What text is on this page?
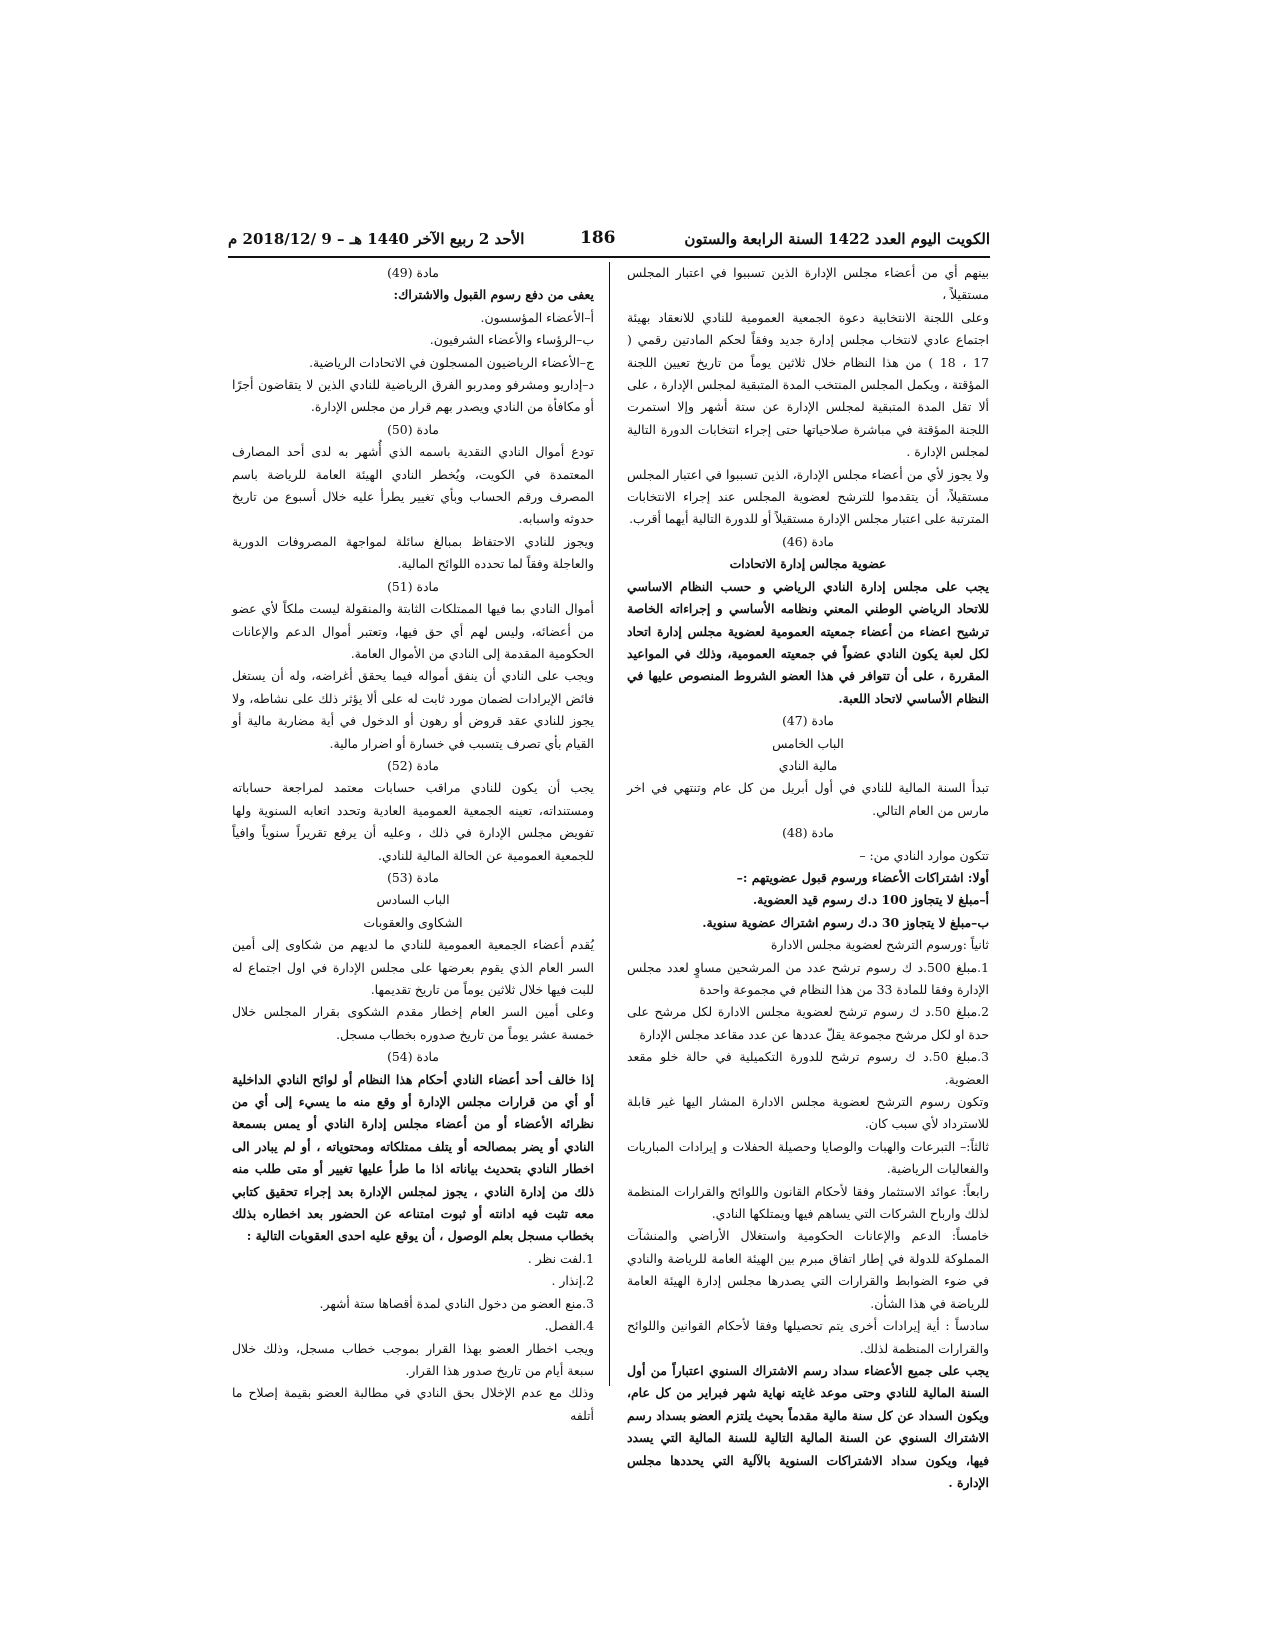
الكويت اليوم العدد 1422 السنة الرابعة والستون
186
الأحد 2 ربيع الآخر 1440 هـ – 9 /2018/12 م

بينهم أي من أعضاء مجلس الإدارة الذين تسببوا في اعتبار المجلس مستقيلاً ،

وعلى اللجنة الانتخابية دعوة الجمعية العمومية للنادي للانعقاد بهيئة اجتماع عادي لانتخاب مجلس إدارة جديد وفقاً لحكم المادتين رقمي ( 17 ، 18 ) من هذا النظام خلال ثلاثين يوماً من تاريخ تعيين اللجنة المؤقتة ، ويكمل المجلس المنتخب المدة المتبقية لمجلس الإدارة ، على ألا تقل المدة المتبقية لمجلس الإدارة عن ستة أشهر وإلا استمرت اللجنة المؤقتة في مباشرة صلاحياتها حتى إجراء انتخابات الدورة التالية لمجلس الإدارة .

ولا يجوز لأي من أعضاء مجلس الإدارة، الذين تسببوا في اعتبار المجلس مستقيلاً، أن يتقدموا للترشح لعضوية المجلس عند إجراء الانتخابات المترتبة على اعتبار مجلس الإدارة مستقيلاً أو للدورة التالية أيهما أقرب.

مادة (46)

عضوية مجالس إدارة الاتحادات

يجب على مجلس إدارة النادي الرياضي و حسب النظام الاساسي للاتحاد الرياضي الوطني المعني ونظامه الأساسي و إجراءاته الخاصة ترشيح اعضاء من أعضاء جمعيته العمومية لعضوية مجلس إدارة اتحاد لكل لعبة يكون النادي عضواً في جمعيته العمومية، وذلك في المواعيد المقررة ، على أن تتوافر في هذا العضو الشروط المنصوص عليها في النظام الأساسي لاتحاد اللعبة.

مادة (47)

الباب الخامس

مالية النادي

تبدأ السنة المالية للنادي في أول أبريل من كل عام وتنتهي في اخر مارس من العام التالي.

مادة (48)

تتكون موارد النادي من: –

أولا: اشتراكات الأعضاء ورسوم قبول عضويتهم :–

أ–مبلغ لا يتجاوز 100 د.ك رسوم قيد العضوية.

ب–مبلغ لا يتجاوز 30 د.ك رسوم اشتراك عضوية سنوية.

ثانياً :ورسوم الترشح لعضوية مجلس الادارة

1.مبلغ 500.د ك رسوم ترشح عدد من المرشحين مساوٍ لعدد مجلس الإدارة وفقا للمادة 33 من هذا النظام في مجموعة واحدة

2.مبلغ 50.د ك رسوم ترشح لعضوية مجلس الادارة لكل مرشح على حدة او لكل مرشح مجموعة يقلّ عددها عن عدد مقاعد مجلس الإدارة

3.مبلغ 50.د ك رسوم ترشح للدورة التكميلية في حالة خلو مقعد العضوية.

وتكون رسوم الترشح لعضوية مجلس الادارة المشار اليها غير قابلة للاسترداد لأي سبب كان.

ثالثاً:– التبرعات والهبات والوصايا وحصيلة الحفلات و إيرادات المباريات والفعاليات الرياضية.

رابعاً: عوائد الاستثمار وفقا لأحكام القانون واللوائح والقرارات المنظمة لذلك وارباح الشركات التي يساهم فيها ويمتلكها النادي.

خامساً: الدعم والإعانات الحكومية واستغلال الأراضي والمنشآت المملوكة للدولة في إطار اتفاق مبرم بين الهيئة العامة للرياضة والنادي في ضوء الضوابط والقرارات التي يصدرها مجلس إدارة الهيئة العامة للرياضة في هذا الشأن.

سادساً : أية إيرادات أخرى يتم تحصيلها وفقا لأحكام القوانين واللوائح والقرارات المنظمة لذلك.

يجب على جميع الأعضاء سداد رسم الاشتراك السنوي اعتباراً من أول السنة المالية للنادي وحتى موعد غايته نهاية شهر فبراير من كل عام، ويكون السداد عن كل سنة مالية مقدماً بحيث يلتزم العضو بسداد رسم الاشتراك السنوي عن السنة المالية التالية للسنة المالية التي يسدد فيها، ويكون سداد الاشتراكات السنوية بالآلية التي يحددها مجلس الإدارة .

مادة (49)

يعفى من دفع رسوم القبول والاشتراك:

أ–الأعضاء المؤسسون.

ب–الرؤساء والأعضاء الشرفيون.

ج–الأعضاء الرياضيون المسجلون في الاتحادات الرياضية.

د–إداريو ومشرفو ومدربو الفرق الرياضية للنادي الذين لا يتقاضون أجرًا أو مكافأة من النادي ويصدر بهم قرار من مجلس الإدارة.

مادة (50)

تودع أموال النادي النقدية باسمه الذي أُشهر به لدى أحد المصارف المعتمدة في الكويت، ويُخطر النادي الهيئة العامة للرياضة باسم المصرف ورقم الحساب وبأي تغيير يطرأ عليه خلال أسبوع من تاريخ حدوثه واسبابه.

ويجوز للنادي الاحتفاظ بمبالغ سائلة لمواجهة المصروفات الدورية والعاجلة وفقاً لما تحدده اللوائح المالية.

مادة (51)

أموال النادي بما فيها الممتلكات الثابتة والمنقولة ليست ملكاً لأي عضو من أعضائه، وليس لهم أي حق فيها، وتعتبر أموال الدعم والإعانات الحكومية المقدمة إلى النادي من الأموال العامة.

ويجب على النادي أن ينفق أمواله فيما يحقق أغراضه، وله أن يستغل فائض الإيرادات لضمان مورد ثابت له على ألا يؤثر ذلك على نشاطه، ولا يجوز للنادي عقد قروض أو رهون أو الدخول في أية مضاربة مالية أو القيام بأي تصرف يتسبب في خسارة أو اضرار مالية.

مادة (52)

يجب أن يكون للنادي مراقب حسابات معتمد لمراجعة حساباته ومستنداته، تعينه الجمعية العمومية العادية وتحدد اتعابه السنوية ولها تفويض مجلس الإدارة في ذلك ، وعليه أن يرفع تقريراً سنوياً وافياً للجمعية العمومية عن الحالة المالية للنادي.

مادة (53)

الباب السادس

الشكاوى والعقوبات

يُقدم أعضاء الجمعية العمومية للنادي ما لديهم من شكاوى إلى أمين السر العام الذي يقوم بعرضها على مجلس الإدارة في اول اجتماع له للبت فيها خلال ثلاثين يوماً من تاريخ تقديمها.

وعلى أمين السر العام إخطار مقدم الشكوى بقرار المجلس خلال خمسة عشر يوماً من تاريخ صدوره بخطاب مسجل.

مادة (54)

إذا خالف أحد أعضاء النادي أحكام هذا النظام أو لوائح النادي الداخلية أو أي من قرارات مجلس الإدارة أو وقع منه ما يسيء إلى أي من نظرائه الأعضاء أو من أعضاء مجلس إدارة النادي أو يمس بسمعة النادي أو يضر بمصالحه أو يتلف ممتلكاته ومحتوياته ، أو لم يبادر الى اخطار النادي بتحديث بياناته اذا ما طرأ عليها تغيير أو متى طلب منه ذلك من إدارة النادي ، يجوز لمجلس الإدارة بعد إجراء تحقيق كتابي معه تثبت فيه ادانته أو ثبوت امتناعه عن الحضور بعد اخطاره بذلك بخطاب مسجل بعلم الوصول ، أن يوقع عليه احدى العقوبات التالية :

1.لفت نظر .

2.إنذار .

3.منع العضو من دخول النادي لمدة أقصاها ستة أشهر.

4.الفصل.

ويجب اخطار العضو بهذا القرار بموجب خطاب مسجل، وذلك خلال سبعة أيام من تاريخ صدور هذا القرار.

وذلك مع عدم الإخلال بحق النادي في مطالبة العضو بقيمة إصلاح ما أتلفه
